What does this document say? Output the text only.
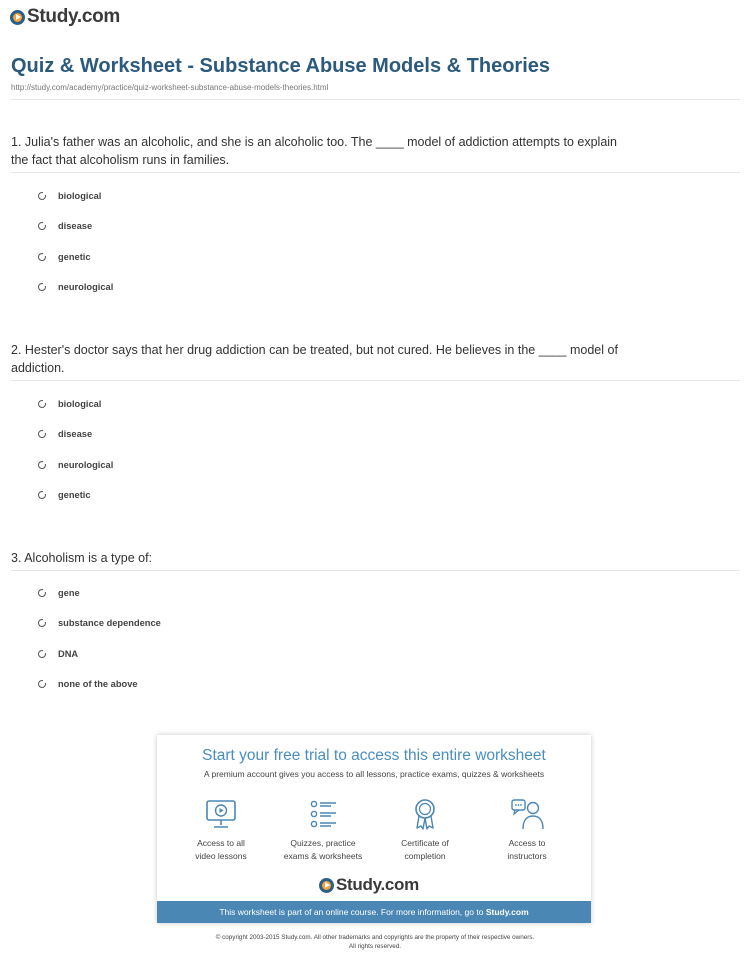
Study.com
Quiz & Worksheet - Substance Abuse Models & Theories
http://study.com/academy/practice/quiz-worksheet-substance-abuse-models-theories.html
1. Julia's father was an alcoholic, and she is an alcoholic too. The ____ model of addiction attempts to explain the fact that alcoholism runs in families.
biological
disease
genetic
neurological
2. Hester's doctor says that her drug addiction can be treated, but not cured. He believes in the ____ model of addiction.
biological
disease
neurological
genetic
3. Alcoholism is a type of:
gene
substance dependence
DNA
none of the above
Start your free trial to access this entire worksheet
A premium account gives you access to all lessons, practice exams, quizzes & worksheets
Access to all
video lessons
Quizzes, practice
exams & worksheets
Certificate of
completion
Access to
instructors
Study.com
This worksheet is part of an online course. For more information, go to Study.com
© copyright 2003-2015 Study.com. All other trademarks and copyrights are the property of their respective owners.
All rights reserved.
